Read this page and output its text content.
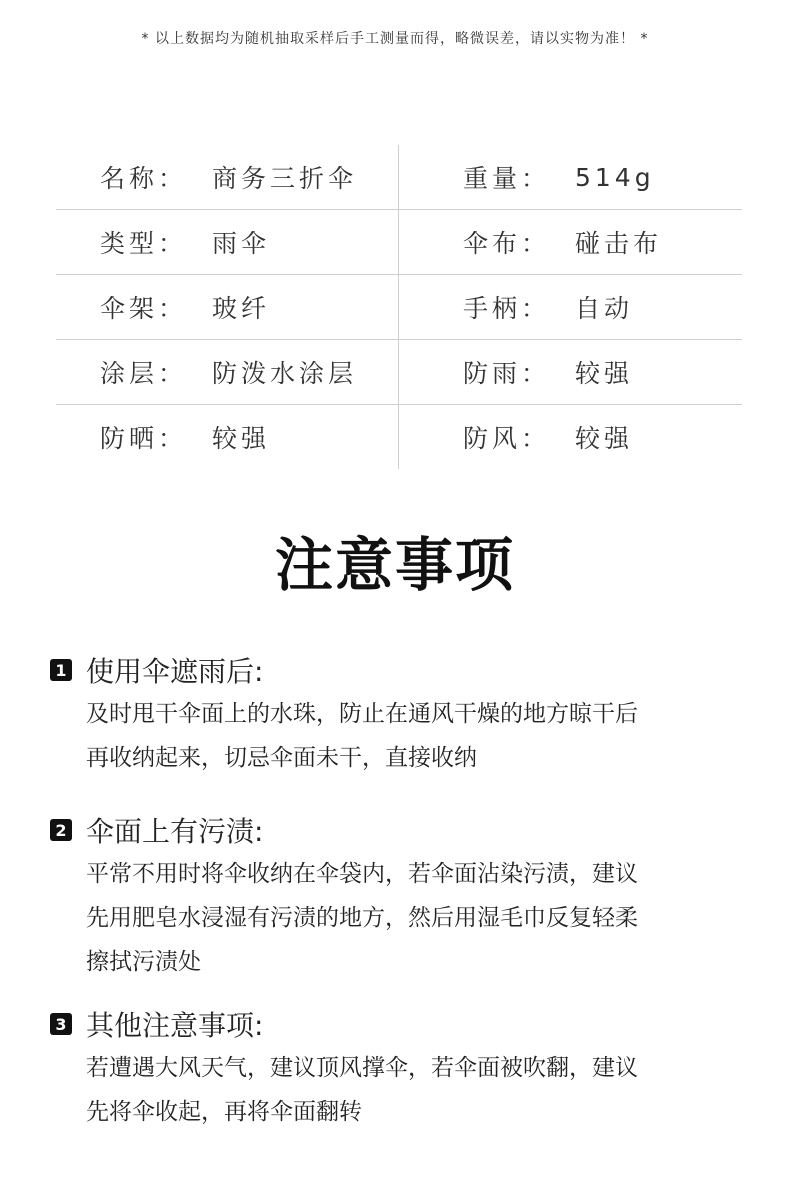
* 以上数据均为随机抽取采样后手工测量而得，略微误差，请以实物为准！ *
名称： 商务三折伞	重量： 514g
类型： 雨伞	伞布： 碰击布
伞架： 玻纤	手柄： 自动
涂层： 防泼水涂层	防雨： 较强
防晒： 较强	防风： 较强
注意事项
1 使用伞遮雨后:
及时甩干伞面上的水珠，防止在通风干燥的地方晾干后
再收纳起来，切忌伞面未干，直接收纳
2 伞面上有污渍:
平常不用时将伞收纳在伞袋内，若伞面沾染污渍，建议
先用肥皂水浸湿有污渍的地方，然后用湿毛巾反复轻柔
擦拭污渍处
3 其他注意事项:
若遭遇大风天气，建议顶风撑伞，若伞面被吹翻，建议
先将伞收起，再将伞面翻转
